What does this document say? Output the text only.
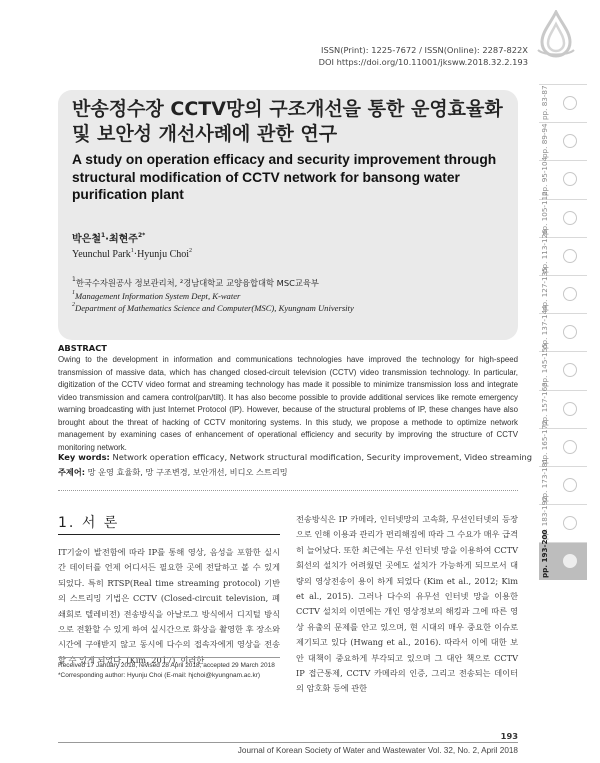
ISSN(Print): 1225-7672 / ISSN(Online): 2287-822X
DOI https://doi.org/10.11001/jksww.2018.32.2.193
pp. 83-87
pp. 89-94
pp. 95-104
pp. 105-112
pp. 113-126
pp. 127-135
pp. 137-144
pp. 145-155
pp. 157-163
pp. 165-172
pp. 173-181
pp. 183-192
pp. 193-200
반송정수장 CCTV망의 구조개선을 통한 운영효율화
및 보안성 개선사례에 관한 연구
A study on operation efficacy and security improvement through
structural modification of CCTV network for bansong water
purification plant
박은철$^1$·최현주$^{2*}$
Yeunchul Park$^1$·Hyunju Choi$^2$
$^1$한국수자원공사 정보관리처, ²경남대학교 교양융합대학 MSC교육부
$^1$Management Information System Dept, K-water
$^2$Department of Mathematics Science and Computer(MSC), Kyungnam University
ABSTRACT
Owing to the development in information and communications technologies have improved the technology for high-speed transmission of massive data, which has changed closed-circuit television (CCTV) video transmission technology. In particular, digitization of the CCTV video format and streaming technology has made it possible to minimize transmission loss and integrate video transmission and camera control(pan/tilt). It has also become possible to provide additional services like remote emergency warning broadcasting with just Internet Protocol (IP). However, because of the structural problems of IP, these changes have also brought about the threat of hacking of CCTV monitoring systems. In this study, we propose a methode to optimize network management by examining cases of enhancement of operational efficiency and security by improving the structure of CCTV monitoring network.
Key words: Network operation efficacy, Network structural modification, Security improvement, Video streaming
주제어: 망 운영 효율화, 망 구조변경, 보안개선, 비디오 스트리밍
1. 서 론

IT기술이 발전함에 따라 IP를 통해 영상, 음성을 포함한 실시간 데이터를 언제 어디서든 필요한 곳에 전달하고 볼 수 있게 되었다. 특히 RTSP(Real time streaming protocol) 기반의 스트리밍 기법은 CCTV (Closed-circuit television, 폐쇄회로 텔레비전) 전송방식을 아날로그 방식에서 디지털 방식으로 전환할 수 있게 하여 실시간으로 화상을 촬영한 후 장소와 시간에 구애받지 않고 동시에 다수의 접속자에게 영상을 전송할 수 있게 되었다. (Kim, 2017). 이러한

전송방식은 IP 카메라, 인터넷망의 고속화, 무선인터넷의 등장으로 인해 이용과 관리가 편리해짐에 따라 그 수요가 매우 급격히 늘어났다. 또한 최근에는 무선 인터넷 망을 이용하여 CCTV 회선의 설치가 어려웠던 곳에도 설치가 가능하게 되므로서 대량의 영상전송이 용이 하게 되었다 (Kim et al., 2012; Kim et al., 2015). 그러나 다수의 유무선 인터넷 망을 이용한 CCTV 설치의 이면에는 개인 영상정보의 해킹과 그에 따른 영상 유출의 문제를 안고 있으며, 현 시대의 매우 중요한 이슈로 제기되고 있다 (Hwang et al., 2016). 따라서 이에 대한 보안 대책이 중요하게 부각되고 있으며 그 대안 책으로 CCTV IP 접근통제, CCTV 카메라의 인증, 그리고 전송되는 데이터의 암호화 등에 관한

Received 17 January 2018, revised 28 April 2018, accepted 29 March 2018
*Corresponding author: Hyunju Choi (E-mail: hjchoi@kyungnam.ac.kr)
193
Journal of Korean Society of Water and Wastewater Vol. 32, No. 2, April 2018
